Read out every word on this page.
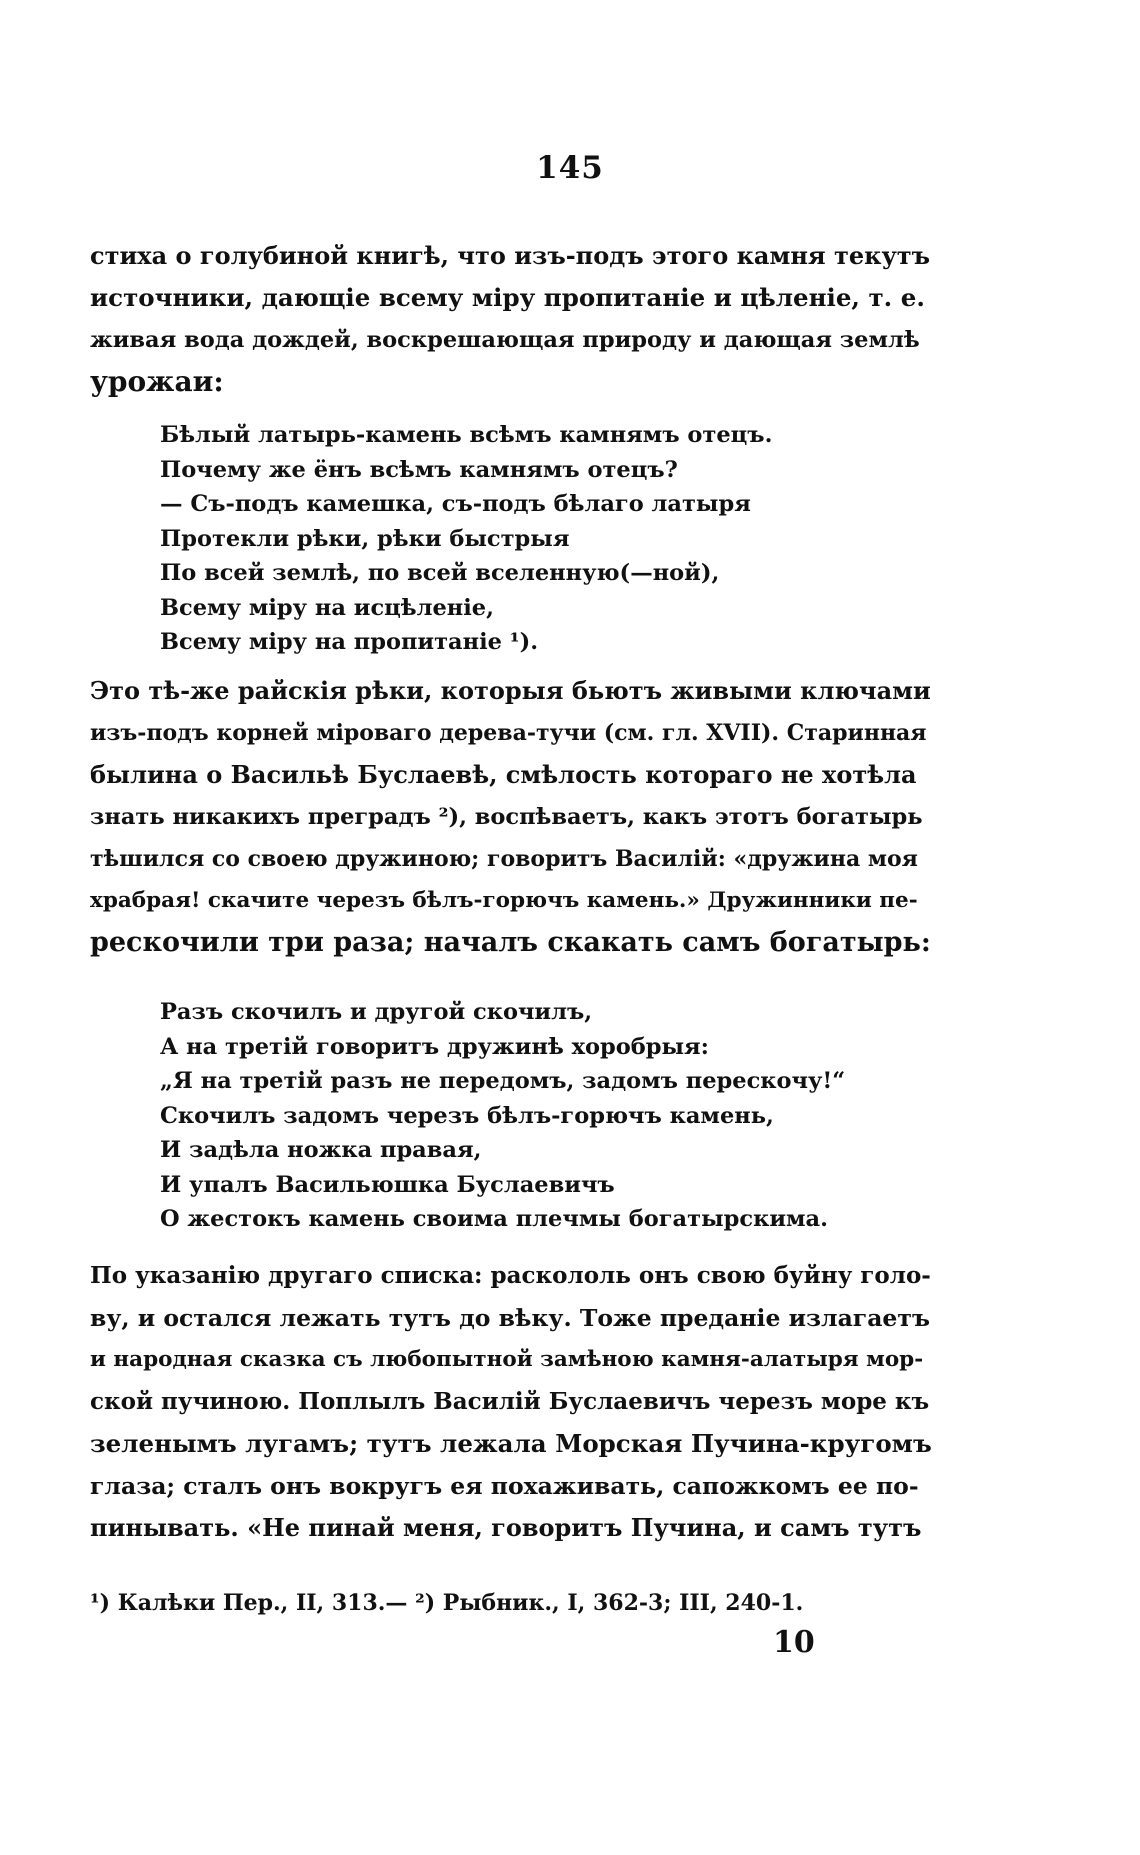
145
стиха о голубиной книгѣ, что изъ-подъ этого камня текутъ
источники, дающіе всему міру пропитаніе и цѣленіе, т. е.
живая вода дождей, воскрешающая природу и дающая землѣ
урожаи:
Бѣлый латырь-камень всѣмъ камнямъ отецъ.
Почему же ёнъ всѣмъ камнямъ отецъ?
— Съ-подъ камешка, съ-подъ бѣлаго латыря
Протекли рѣки, рѣки быстрыя
По всей землѣ, по всей вселенную(—ной),
Всему міру на исцѣленіе,
Всему міру на пропитаніе ¹).
Это тѣ-же райскія рѣки, которыя бьютъ живыми ключами
изъ-подъ корней міроваго дерева-тучи (см. гл. XVII). Старинная
былина о Васильѣ Буслаевѣ, смѣлость котораго не хотѣла
знать никакихъ преградъ ²), воспѣваетъ, какъ этотъ богатырь
тѣшился со своею дружиною; говоритъ Василій: «дружина моя
храбрая! скачите черезъ бѣлъ-горючъ камень.» Дружинники пе-
рескочили три раза; началъ скакать самъ богатырь:
Разъ скочилъ и другой скочилъ,
А на третій говоритъ дружинѣ хоробрыя:
„Я на третій разъ не передомъ, задомъ перескочу!“
Скочилъ задомъ черезъ бѣлъ-горючъ камень,
И задѣла ножка правая,
И упалъ Васильюшка Буслаевичъ
О жестокъ камень своима плечмы богатырскима.
По указанію другаго списка: раскололь онъ свою буйну голо-
ву, и остался лежать тутъ до вѣку. Тоже преданіе излагаетъ
и народная сказка съ любопытной замѣною камня-алатыря мор-
ской пучиною. Поплылъ Василій Буслаевичъ черезъ море къ
зеленымъ лугамъ; тутъ лежала Морская Пучина-кругомъ
глаза; сталъ онъ вокругъ ея похаживать, сапожкомъ ее по-
пинывать. «Не пинай меня, говоритъ Пучина, и самъ тутъ
¹) Калѣки Пер., II, 313.— ²) Рыбник., I, 362-3; III, 240-1.
10
